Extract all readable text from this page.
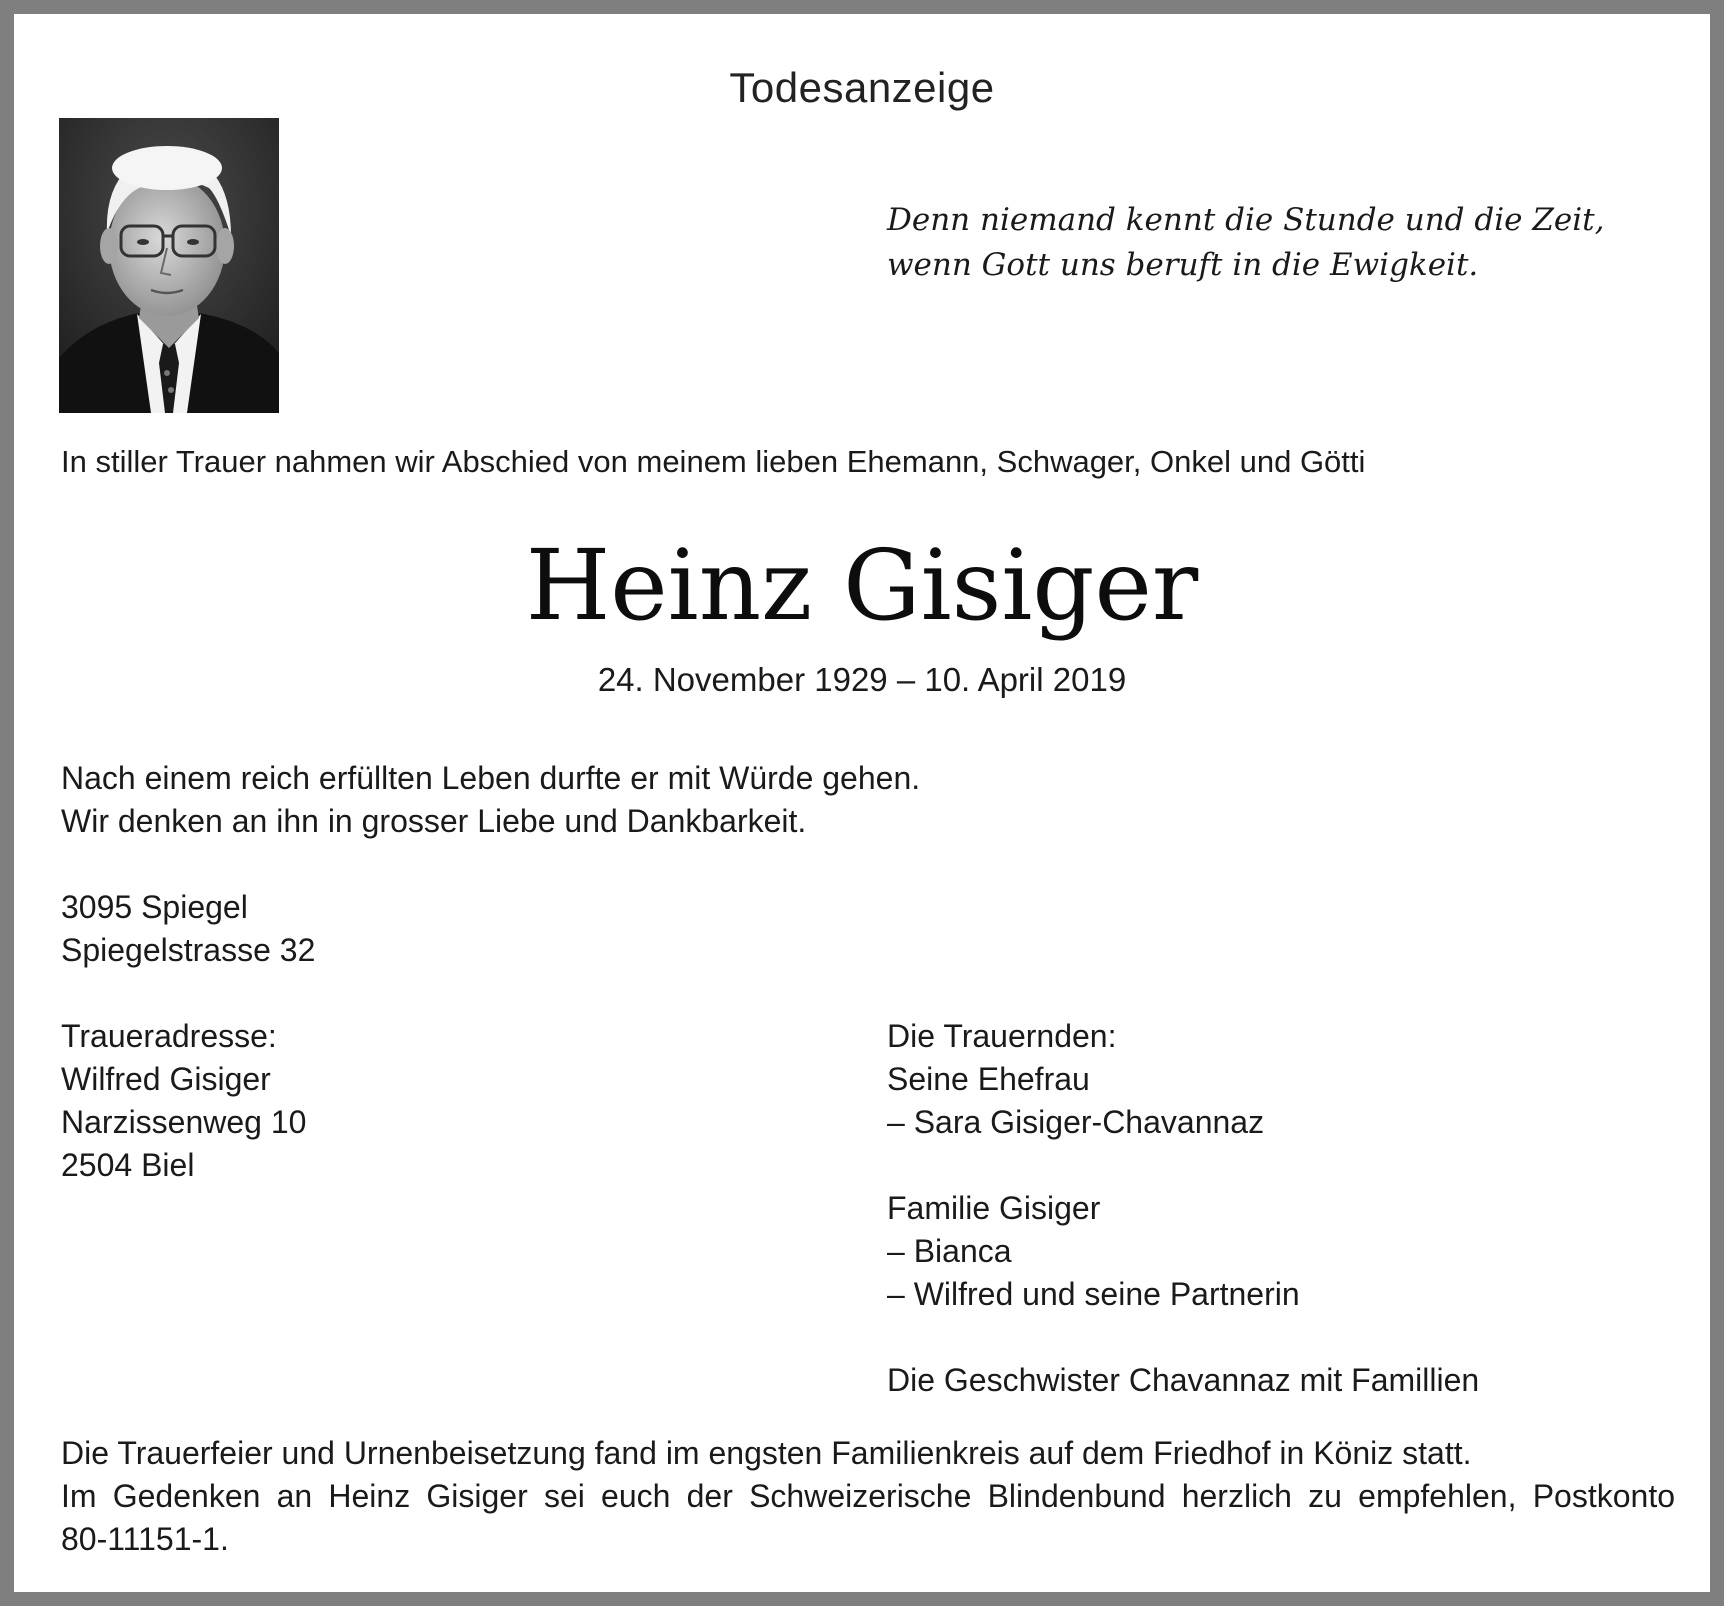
Todesanzeige
Denn niemand kennt die Stunde und die Zeit,
wenn Gott uns beruft in die Ewigkeit.
In stiller Trauer nahmen wir Abschied von meinem lieben Ehemann, Schwager, Onkel und Götti
Heinz Gisiger
24. November 1929 – 10. April 2019
Nach einem reich erfüllten Leben durfte er mit Würde gehen.
Wir denken an ihn in grosser Liebe und Dankbarkeit.
3095 Spiegel
Spiegelstrasse 32
Traueradresse:
Wilfred Gisiger
Narzissenweg 10
2504 Biel
Die Trauernden:
Seine Ehefrau
– Sara Gisiger-Chavannaz
Familie Gisiger
– Bianca
– Wilfred und seine Partnerin
Die Geschwister Chavannaz mit Famillien
Die Trauerfeier und Urnenbeisetzung fand im engsten Familienkreis auf dem Friedhof in Köniz statt.
Im Gedenken an Heinz Gisiger sei euch der Schweizerische Blindenbund herzlich zu empfehlen, Postkonto
80-11151-1.
